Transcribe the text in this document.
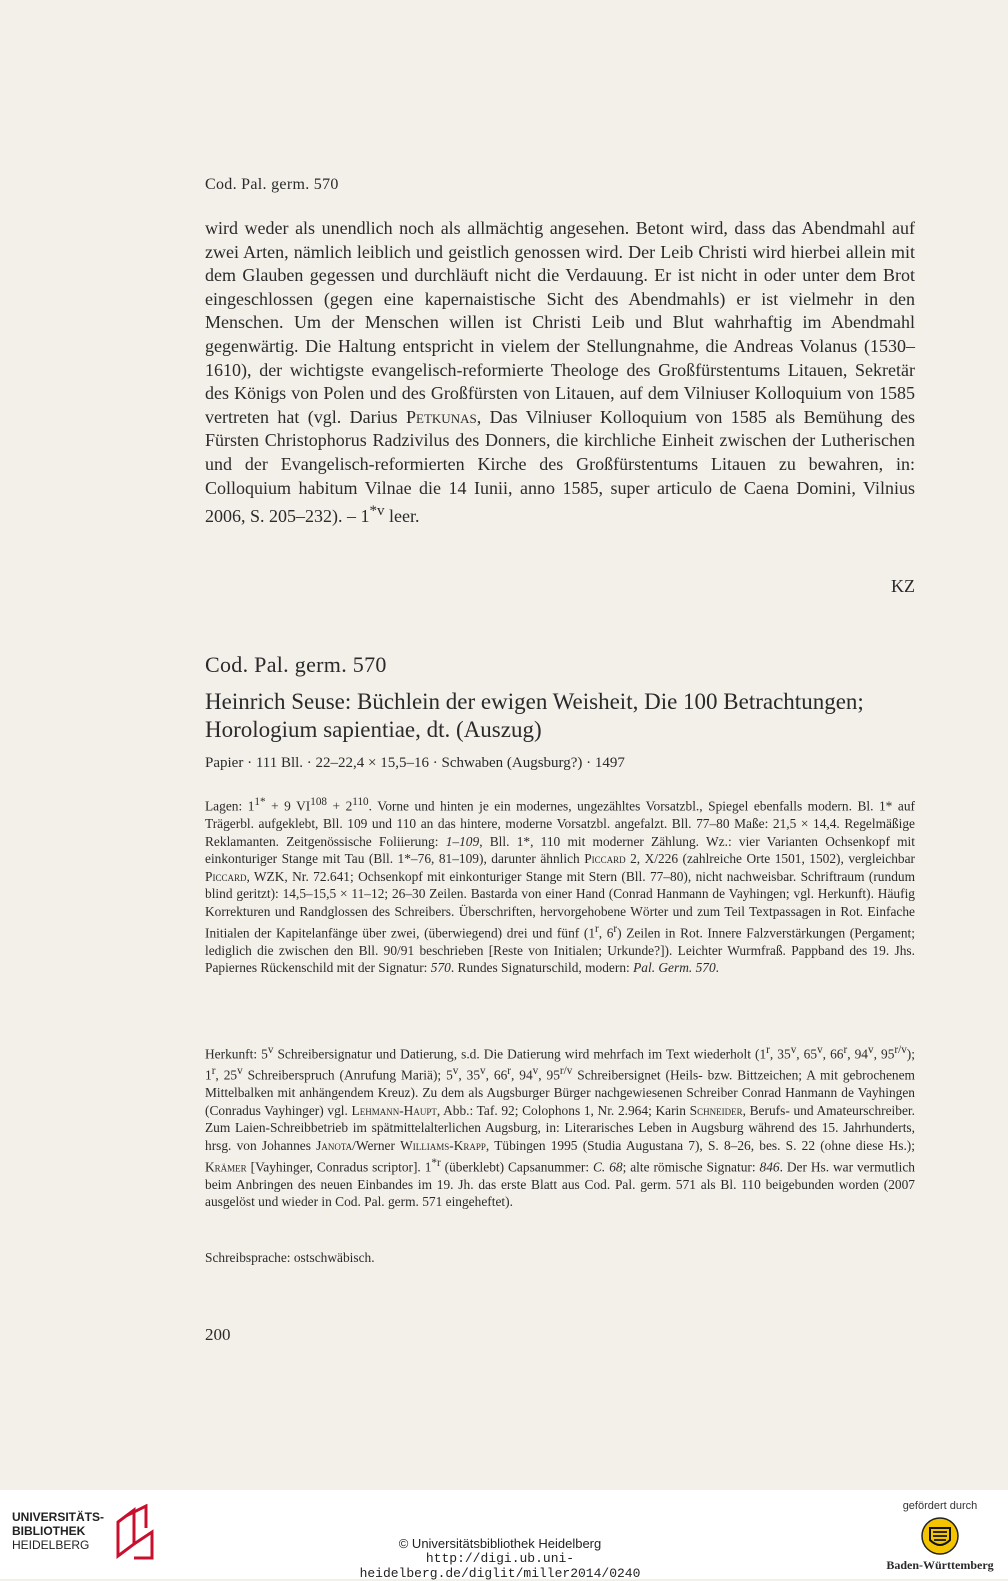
Cod. Pal. germ. 570

wird weder als unendlich noch als allmächtig angesehen. Betont wird, dass das Abendmahl auf zwei Arten, nämlich leiblich und geistlich genossen wird. Der Leib Christi wird hierbei allein mit dem Glauben gegessen und durchläuft nicht die Verdauung. Er ist nicht in oder unter dem Brot eingeschlossen (gegen eine kapernaistische Sicht des Abendmahls) er ist vielmehr in den Menschen. Um der Menschen willen ist Christi Leib und Blut wahrhaftig im Abendmahl gegenwärtig. Die Haltung entspricht in vielem der Stellungnahme, die Andreas Volanus (1530–1610), der wichtigste evangelisch-reformierte Theologe des Großfürstentums Litauen, Sekretär des Königs von Polen und des Großfürsten von Litauen, auf dem Vilniuser Kolloquium von 1585 vertreten hat (vgl. Darius Petkunas, Das Vilniuser Kolloquium von 1585 als Bemühung des Fürsten Christophorus Radzivilus des Donners, die kirchliche Einheit zwischen der Lutherischen und der Evangelisch-reformierten Kirche des Großfürstentums Litauen zu bewahren, in: Colloquium habitum Vilnae die 14 Iunii, anno 1585, super articulo de Caena Domini, Vilnius 2006, S. 205–232). – 1$^{*v}$ leer.

KZ
Cod. Pal. germ. 570
Heinrich Seuse: Büchlein der ewigen Weisheit, Die 100 Betrachtungen; Horologium sapientiae, dt. (Auszug)
Papier · 111 Bll. · 22–22,4 × 15,5–16 · Schwaben (Augsburg?) · 1497
Lagen: $1^{1*} + 9$ $VI^{108} + 2^{110}$. Vorne und hinten je ein modernes, ungezähltes Vorsatzbl., Spiegel ebenfalls modern. Bl. 1* auf Trägerbl. aufgeklebt, Bll. 109 und 110 an das hintere, moderne Vorsatzbl. angefalzt. Bll. 77–80 Maße: 21,5 × 14,4. Regelmäßige Reklamanten. Zeitgenössische Foliierung: 1–109, Bll. 1*, 110 mit moderner Zählung. Wz.: vier Varianten Ochsenkopf mit einkonturiger Stange mit Tau (Bll. 1*–76, 81–109), darunter ähnlich Piccard 2, X/226 (zahlreiche Orte 1501, 1502), vergleichbar Piccard, WZK, Nr. 72.641; Ochsenkopf mit einkonturiger Stange mit Stern (Bll. 77–80), nicht nachweisbar. Schriftraum (rundum blind geritzt): 14,5–15,5 × 11–12; 26–30 Zeilen. Bastarda von einer Hand (Conrad Hanmann de Vayhingen; vgl. Herkunft). Häufig Korrekturen und Randglossen des Schreibers. Überschriften, hervorgehobene Wörter und zum Teil Textpassagen in Rot. Einfache Initialen der Kapitelanfänge über zwei, (überwiegend) drei und fünf (1$^r$, 6$^r$) Zeilen in Rot. Innere Falzverstärkungen (Pergament; lediglich die zwischen den Bll. 90/91 beschrieben [Reste von Initialen; Urkunde?]). Leichter Wurmfraß. Pappband des 19. Jhs. Papiernes Rückenschild mit der Signatur: 570. Rundes Signaturschild, modern: Pal. Germ. 570.
Herkunft: 5$^v$ Schreibersignatur und Datierung, s.d. Die Datierung wird mehrfach im Text wiederholt (1$^r$, 35$^v$, 65$^v$, 66$^r$, 94$^v$, $95^{r/v}$); 1$^r$, 25$^v$ Schreiberspruch (Anrufung Mariä); 5$^v$, 35$^v$, 66$^r$, 94$^v$, $95^{r/v}$ Schreibersignet (Heils- bzw. Bittzeichen; A mit gebrochenem Mittelbalken mit anhängendem Kreuz). Zu dem als Augsburger Bürger nachgewiesenen Schreiber Conrad Hanmann de Vayhingen (Conradus Vayhinger) vgl. Lehmann-Haupt, Abb.: Taf. 92; Colophons 1, Nr. 2.964; Karin Schneider, Berufs- und Amateurschreiber. Zum Laien-Schreibbetrieb im spätmittelalterlichen Augsburg, in: Literarisches Leben in Augsburg während des 15. Jahrhunderts, hrsg. von Johannes Janota/Werner Williams-Krapp, Tübingen 1995 (Studia Augustana 7), S. 8–26, bes. S. 22 (ohne diese Hs.); Krämer [Vayhinger, Conradus scriptor]. 1$^{*r}$ (überklebt) Capsanummer: C. 68; alte römische Signatur: 846. Der Hs. war vermutlich beim Anbringen des neuen Einbandes im 19. Jh. das erste Blatt aus Cod. Pal. germ. 571 als Bl. 110 beigebunden worden (2007 ausgelöst und wieder in Cod. Pal. germ. 571 eingeheftet).
Schreibsprache: ostschwäbisch.
200
UNIVERSITÄTS-
BIBLIOTHEK
HEIDELBERG	© Universitätsbibliothek Heidelberg
http://digi.ub.uni-heidelberg.de/diglit/miller2014/0240
gefördert durch
Baden-Württemberg
